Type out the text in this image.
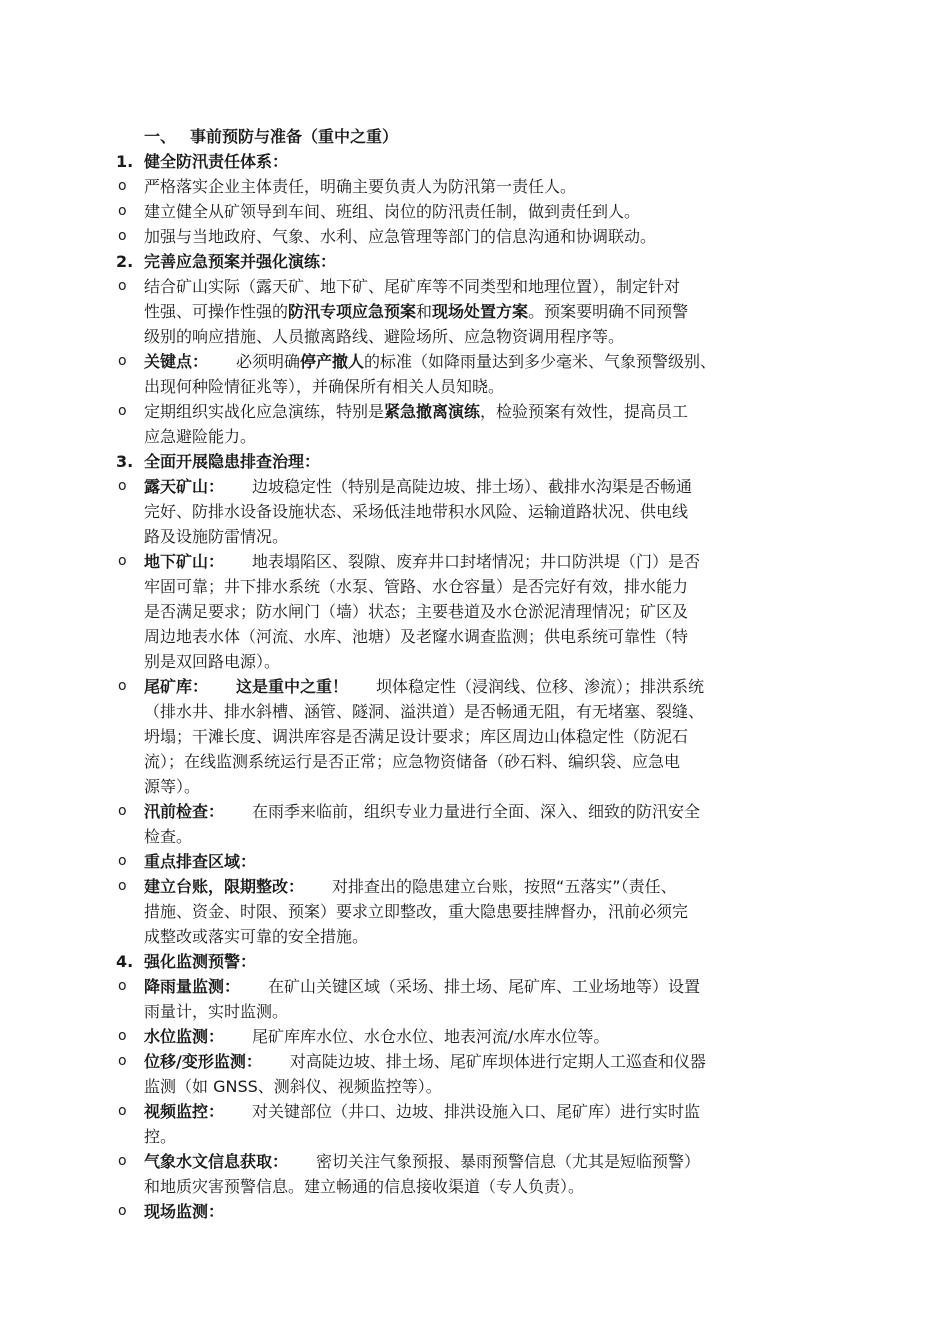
一、 事前预防与准备（重中之重）
1. 健全防汛责任体系：
o	严格落实企业主体责任，明确主要负责人为防汛第一责任人。
o	建立健全从矿领导到车间、班组、岗位的防汛责任制，做到责任到人。
o	加强与当地政府、气象、水利、应急管理等部门的信息沟通和协调联动。
2. 完善应急预案并强化演练：
o	结合矿山实际（露天矿、地下矿、尾矿库等不同类型和地理位置），制定针对
性强、可操作性强的防汛专项应急预案和现场处置方案。预案要明确不同预警
级别的响应措施、人员撤离路线、避险场所、应急物资调用程序等。
o	关键点： 必须明确停产撤人的标准（如降雨量达到多少毫米、气象预警级别、
出现何种险情征兆等），并确保所有相关人员知晓。
o	定期组织实战化应急演练，特别是紧急撤离演练，检验预案有效性，提高员工
应急避险能力。
3. 全面开展隐患排查治理：
o	露天矿山： 边坡稳定性（特别是高陡边坡、排土场）、截排水沟渠是否畅通
完好、防排水设备设施状态、采场低洼地带积水风险、运输道路状况、供电线
路及设施防雷情况。
o	地下矿山： 地表塌陷区、裂隙、废弃井口封堵情况；井口防洪堤（门）是否
牢固可靠；井下排水系统（水泵、管路、水仓容量）是否完好有效，排水能力
是否满足要求；防水闸门（墙）状态；主要巷道及水仓淤泥清理情况；矿区及
周边地表水体（河流、水库、池塘）及老窿水调查监测；供电系统可靠性（特
别是双回路电源）。
o	尾矿库： 这是重中之重！ 坝体稳定性（浸润线、位移、渗流）；排洪系统
（排水井、排水斜槽、涵管、隧洞、溢洪道）是否畅通无阻，有无堵塞、裂缝、
坍塌；干滩长度、调洪库容是否满足设计要求；库区周边山体稳定性（防泥石
流）；在线监测系统运行是否正常；应急物资储备（砂石料、编织袋、应急电
源等）。
o	汛前检查： 在雨季来临前，组织专业力量进行全面、深入、细致的防汛安全
检查。
o	重点排查区域：
o	建立台账，限期整改： 对排查出的隐患建立台账，按照“五落实”（责任、
措施、资金、时限、预案）要求立即整改，重大隐患要挂牌督办，汛前必须完
成整改或落实可靠的安全措施。
4. 强化监测预警：
o	降雨量监测： 在矿山关键区域（采场、排土场、尾矿库、工业场地等）设置
雨量计，实时监测。
o	水位监测： 尾矿库库水位、水仓水位、地表河流/水库水位等。
o	位移/变形监测： 对高陡边坡、排土场、尾矿库坝体进行定期人工巡查和仪器
监测（如 GNSS、测斜仪、视频监控等）。
o	视频监控： 对关键部位（井口、边坡、排洪设施入口、尾矿库）进行实时监
控。
o	气象水文信息获取： 密切关注气象预报、暴雨预警信息（尤其是短临预警）
和地质灾害预警信息。建立畅通的信息接收渠道（专人负责）。
o	现场监测：
